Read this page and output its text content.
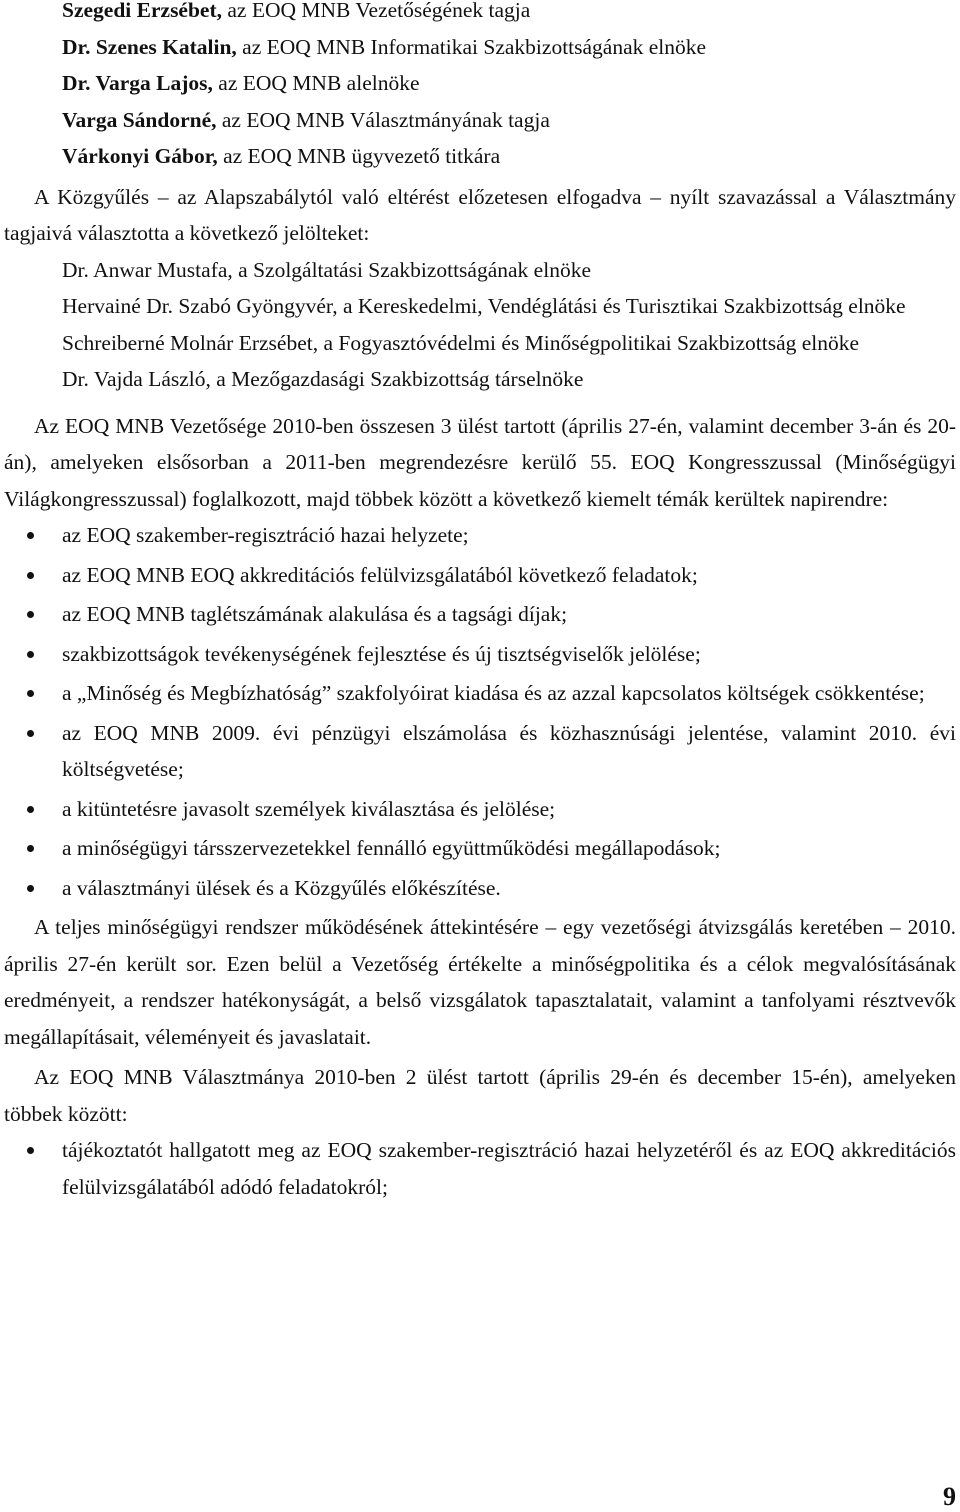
Szegedi Erzsébet, az EOQ MNB Vezetőségének tagja

Dr. Szenes Katalin, az EOQ MNB Informatikai Szakbizottságának elnöke

Dr. Varga Lajos, az EOQ MNB alelnöke

Varga Sándorné, az EOQ MNB Választmányának tagja

Várkonyi Gábor, az EOQ MNB ügyvezető titkára

A Közgyűlés – az Alapszabálytól való eltérést előzetesen elfogadva – nyílt szavazással a Választmány tagjaivá választotta a következő jelölteket:

Dr. Anwar Mustafa, a Szolgáltatási Szakbizottságának elnöke

Hervainé Dr. Szabó Gyöngyvér, a Kereskedelmi, Vendéglátási és Turisztikai Szakbizottság elnöke

Schreiberné Molnár Erzsébet, a Fogyasztóvédelmi és Minőségpolitikai Szakbizottság elnöke

Dr. Vajda László, a Mezőgazdasági Szakbizottság társelnöke

Az EOQ MNB Vezetősége 2010-ben összesen 3 ülést tartott (április 27-én, valamint december 3-án és 20-án), amelyeken elsősorban a 2011-ben megrendezésre kerülő 55. EOQ Kongresszussal (Minőségügyi Világkongresszussal) foglalkozott, majd többek között a következő kiemelt témák kerültek napirendre:

az EOQ szakember-regisztráció hazai helyzete;
az EOQ MNB EOQ akkreditációs felülvizsgálatából következő feladatok;
az EOQ MNB taglétszámának alakulása és a tagsági díjak;
szakbizottságok tevékenységének fejlesztése és új tisztségviselők jelölése;
a „Minőség és Megbízhatóság” szakfolyóirat kiadása és az azzal kapcsolatos költségek csökkentése;
az EOQ MNB 2009. évi pénzügyi elszámolása és közhasznúsági jelentése, valamint 2010. évi költségvetése;
a kitüntetésre javasolt személyek kiválasztása és jelölése;
a minőségügyi társszervezetekkel fennálló együttműködési megállapodások;
a választmányi ülések és a Közgyűlés előkészítése.

A teljes minőségügyi rendszer működésének áttekintésére – egy vezetőségi átvizsgálás keretében – 2010. április 27-én került sor. Ezen belül a Vezetőség értékelte a minőségpolitika és a célok megvalósításának eredményeit, a rendszer hatékonyságát, a belső vizsgálatok tapasztalatait, valamint a tanfolyami résztvevők megállapításait, véleményeit és javaslatait.

Az EOQ MNB Választmánya 2010-ben 2 ülést tartott (április 29-én és december 15-én), amelyeken többek között:

tájékoztatót hallgatott meg az EOQ szakember-regisztráció hazai helyzetéről és az EOQ akkreditációs felülvizsgálatából adódó feladatokról;
9
